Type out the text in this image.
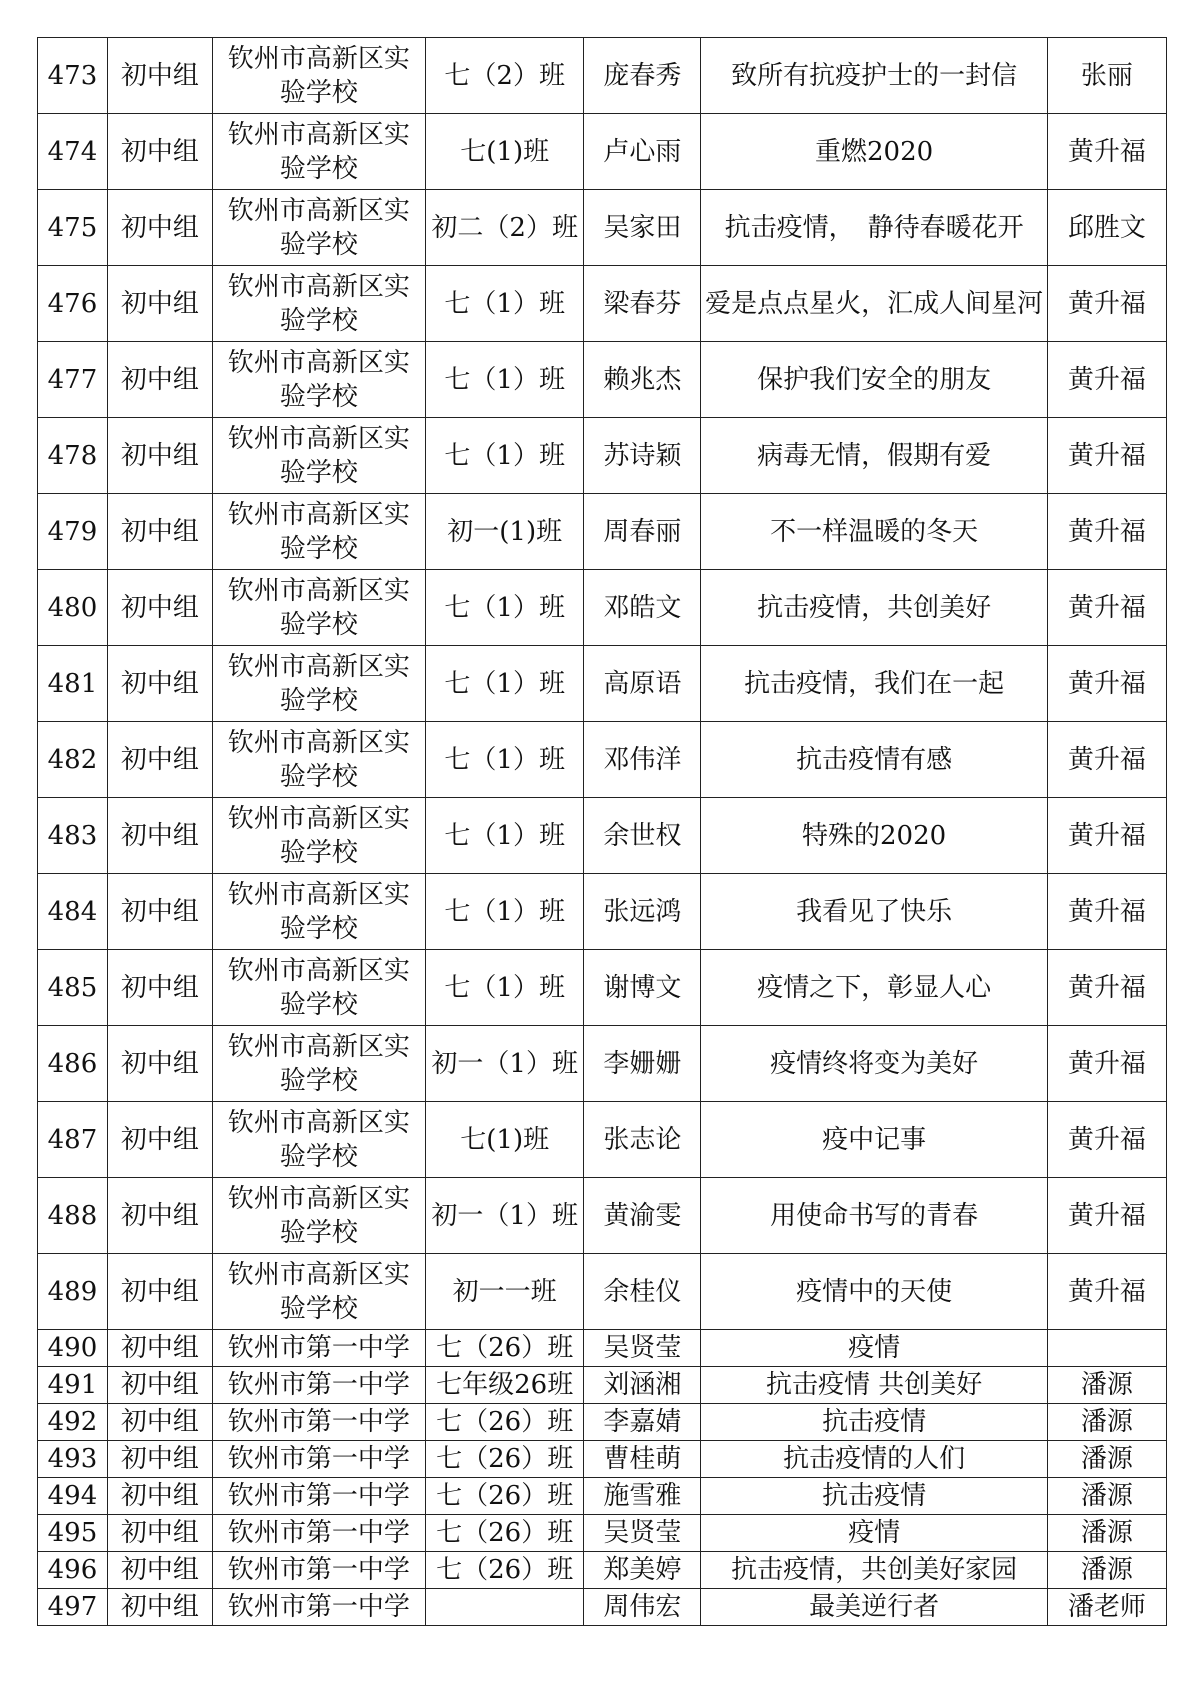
473	初中组	钦州市高新区实验学校	七（2）班	庞春秀	致所有抗疫护士的一封信	张丽
474	初中组	钦州市高新区实验学校	七(1)班	卢心雨	重燃2020	黄升福
475	初中组	钦州市高新区实验学校	初二（2）班	吴家田	抗击疫情，　静待春暖花开	邱胜文
476	初中组	钦州市高新区实验学校	七（1）班	梁春芬	爱是点点星火，汇成人间星河	黄升福
477	初中组	钦州市高新区实验学校	七（1）班	赖兆杰	保护我们安全的朋友	黄升福
478	初中组	钦州市高新区实验学校	七（1）班	苏诗颖	病毒无情，假期有爱	黄升福
479	初中组	钦州市高新区实验学校	初一(1)班	周春丽	不一样温暖的冬天	黄升福
480	初中组	钦州市高新区实验学校	七（1）班	邓皓文	抗击疫情，共创美好	黄升福
481	初中组	钦州市高新区实验学校	七（1）班	高原语	抗击疫情，我们在一起	黄升福
482	初中组	钦州市高新区实验学校	七（1）班	邓伟洋	抗击疫情有感	黄升福
483	初中组	钦州市高新区实验学校	七（1）班	余世权	特殊的2020	黄升福
484	初中组	钦州市高新区实验学校	七（1）班	张远鸿	我看见了快乐	黄升福
485	初中组	钦州市高新区实验学校	七（1）班	谢博文	疫情之下，彰显人心	黄升福
486	初中组	钦州市高新区实验学校	初一（1）班	李姗姗	疫情终将变为美好	黄升福
487	初中组	钦州市高新区实验学校	七(1)班	张志论	疫中记事	黄升福
488	初中组	钦州市高新区实验学校	初一（1）班	黄渝雯	用使命书写的青春	黄升福
489	初中组	钦州市高新区实验学校	初一一班	余桂仪	疫情中的天使	黄升福
490	初中组	钦州市第一中学	七（26）班	吴贤莹	疫情	
491	初中组	钦州市第一中学	七年级26班	刘涵湘	抗击疫情 共创美好	潘源
492	初中组	钦州市第一中学	七（26）班	李嘉婧	抗击疫情	潘源
493	初中组	钦州市第一中学	七（26）班	曹桂萌	抗击疫情的人们	潘源
494	初中组	钦州市第一中学	七（26）班	施雪雅	抗击疫情	潘源
495	初中组	钦州市第一中学	七（26）班	吴贤莹	疫情	潘源
496	初中组	钦州市第一中学	七（26）班	郑美婷	抗击疫情，共创美好家园	潘源
497	初中组	钦州市第一中学		周伟宏	最美逆行者	潘老师
